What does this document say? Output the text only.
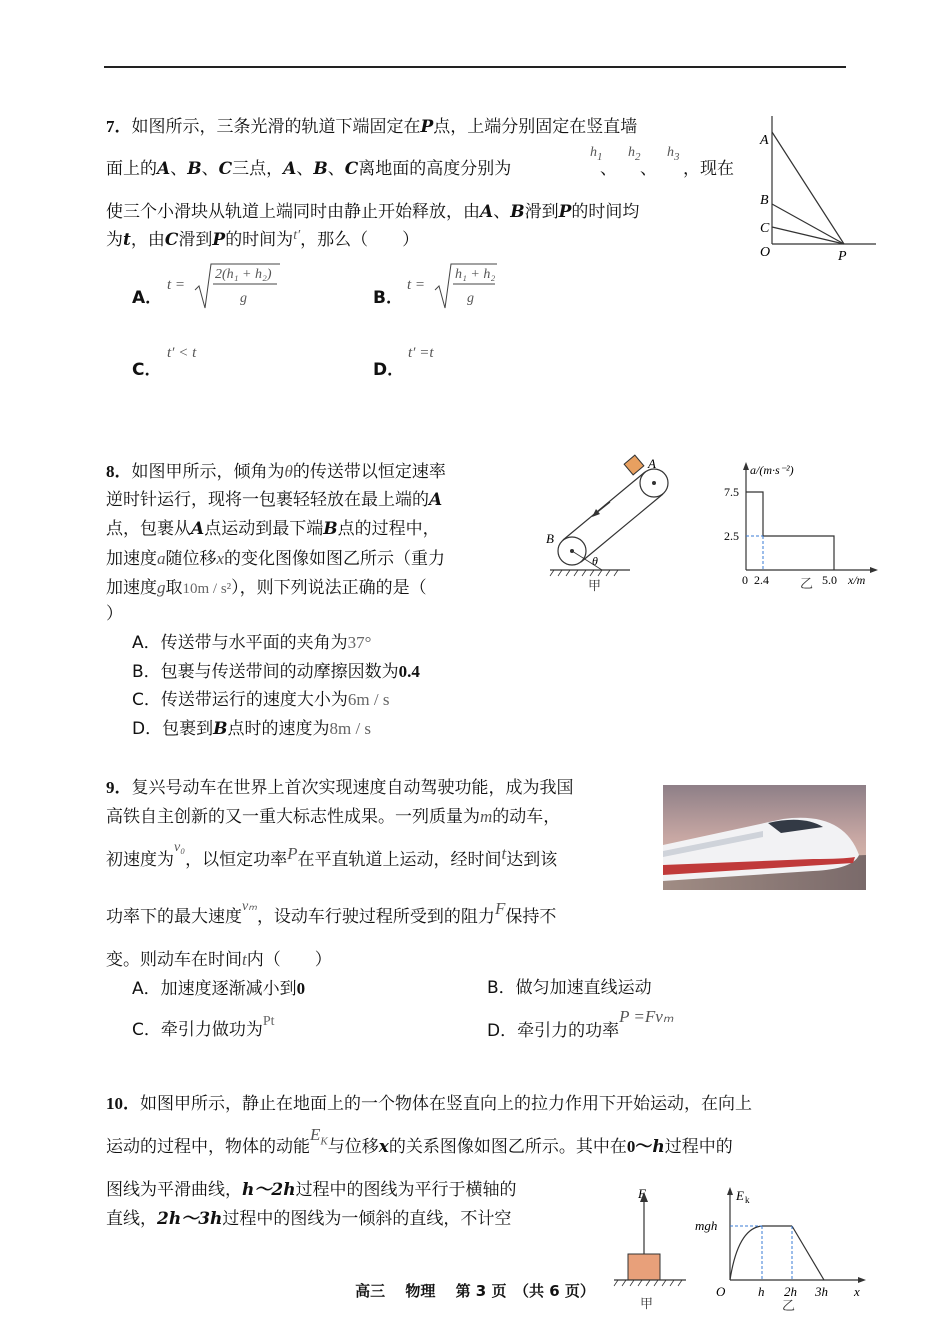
7．如图所示，三条光滑的轨道下端固定在P点，上端分别固定在竖直墙
面上的A、B、C三点，A、B、C离地面的高度分别为
$h_1$
、
$h_2$
、
$h_3$
，现在
使三个小滑块从轨道上端同时由静止开始释放，由A、B滑到P的时间均
为t，由C滑到P的时间为$^{t'}$，那么（　　）
A．
t =
2(h₁ + h₂)
g	B．
t =
h₁ + h₂
g
C．
t′ < t
D．
t′ =t
A
B
C
O	P
8．如图甲所示，倾角为θ的传送带以恒定速率
逆时针运行，现将一包裹轻轻放在最上端的A
点，包裹从A点运动到最下端B点的过程中，
加速度a随位移x的变化图像如图乙所示（重力
加速度g取10m / s²），则下列说法正确的是（
）
A．传送带与水平面的夹角为37°
B．包裹与传送带间的动摩擦因数为0.4
C．传送带运行的速度大小为6m / s
D．包裹到B点时的速度为8m / s
A
B
θ
甲
a/(m·s⁻²)
7.5
2.5
0 2.4	5.0 x/m
乙
9．复兴号动车在世界上首次实现速度自动驾驶功能，成为我国
高铁自主创新的又一重大标志性成果。一列质量为m的动车，
初速度为$^{v_0}$，以恒定功率P在平直轨道上运动，经时间t达到该
功率下的最大速度$^{v_m}$，设动车行驶过程所受到的阻力F保持不
变。则动车在时间t内（　　）
A．加速度逐渐减小到0	B．做匀加速直线运动
C．牵引力做功为$^{Pt}$	D．牵引力的功率P =Fvₘ
10．如图甲所示，静止在地面上的一个物体在竖直向上的拉力作用下开始运动，在向上
运动的过程中，物体的动能$E_K$与位移x的关系图像如图乙所示。其中在0～h过程中的
图线为平滑曲线，h～2h过程中的图线为平行于横轴的
直线，2h～3h过程中的图线为一倾斜的直线，不计空
F
甲
E k
mgh
O	h 2h 3h x
乙
高三　 物理　 第 3 页　（共 6 页）
